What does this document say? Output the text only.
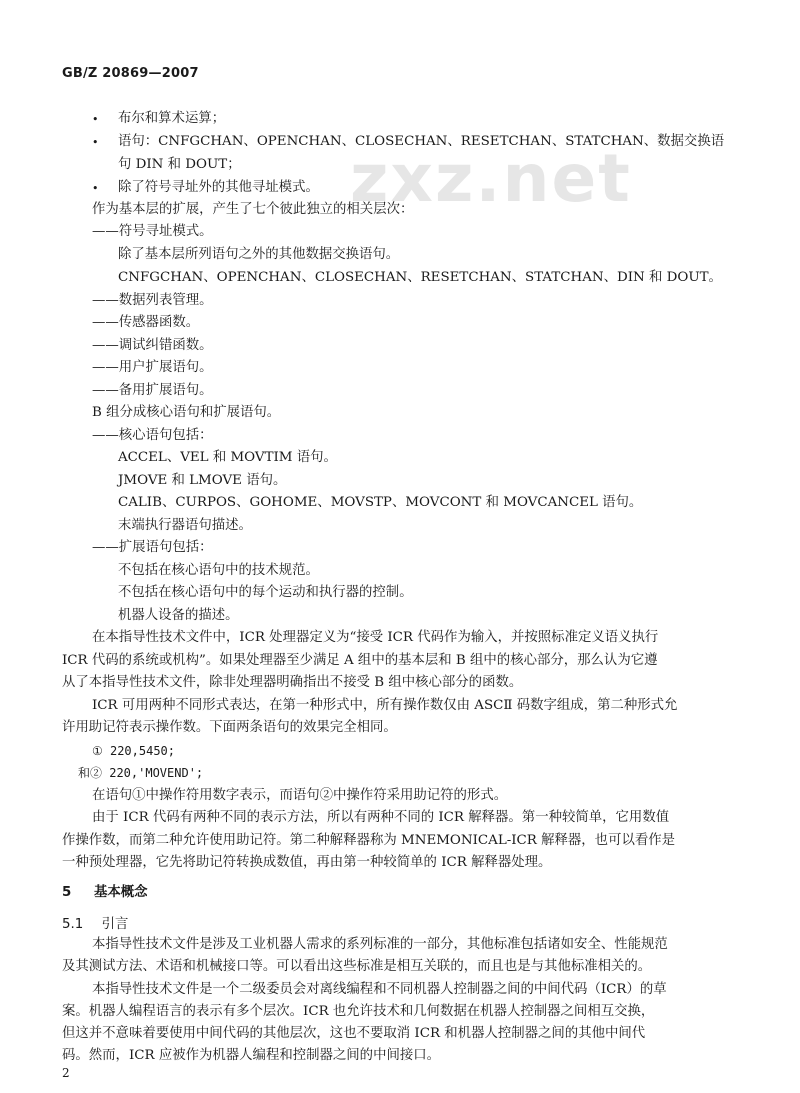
GB/Z 20869—2007
zxz.net
• 布尔和算术运算；
• 语句：CNFGCHAN、OPENCHAN、CLOSECHAN、RESETCHAN、STATCHAN、数据交换语
句 DIN 和 DOUT；
• 除了符号寻址外的其他寻址模式。
作为基本层的扩展，产生了七个彼此独立的相关层次：
——符号寻址模式。
除了基本层所列语句之外的其他数据交换语句。
CNFGCHAN、OPENCHAN、CLOSECHAN、RESETCHAN、STATCHAN、DIN 和 DOUT。
——数据列表管理。
——传感器函数。
——调试纠错函数。
——用户扩展语句。
——备用扩展语句。
B 组分成核心语句和扩展语句。
——核心语句包括：
ACCEL、VEL 和 MOVTIM 语句。
JMOVE 和 LMOVE 语句。
CALIB、CURPOS、GOHOME、MOVSTP、MOVCONT 和 MOVCANCEL 语句。
末端执行器语句描述。
——扩展语句包括：
不包括在核心语句中的技术规范。
不包括在核心语句中的每个运动和执行器的控制。
机器人设备的描述。
在本指导性技术文件中，ICR 处理器定义为“接受 ICR 代码作为输入，并按照标准定义语义执行
ICR 代码的系统或机构”。如果处理器至少满足 A 组中的基本层和 B 组中的核心部分，那么认为它遵
从了本指导性技术文件，除非处理器明确指出不接受 B 组中核心部分的函数。
ICR 可用两种不同形式表达，在第一种形式中，所有操作数仅由 ASCⅡ 码数字组成，第二种形式允
许用助记符表示操作数。下面两条语句的效果完全相同。
① 220,5450;
和② 220,'MOVEND';
在语句①中操作符用数字表示，而语句②中操作符采用助记符的形式。
由于 ICR 代码有两种不同的表示方法，所以有两种不同的 ICR 解释器。第一种较简单，它用数值
作操作数，而第二种允许使用助记符。第二种解释器称为 MNEMONICAL-ICR 解释器，也可以看作是
一种预处理器，它先将助记符转换成数值，再由第一种较简单的 ICR 解释器处理。
5 基本概念
5.1 引言
本指导性技术文件是涉及工业机器人需求的系列标准的一部分，其他标准包括诸如安全、性能规范
及其测试方法、术语和机械接口等。可以看出这些标准是相互关联的，而且也是与其他标准相关的。
本指导性技术文件是一个二级委员会对离线编程和不同机器人控制器之间的中间代码（ICR）的草
案。机器人编程语言的表示有多个层次。ICR 也允许技术和几何数据在机器人控制器之间相互交换，
但这并不意味着要使用中间代码的其他层次，这也不要取消 ICR 和机器人控制器之间的其他中间代
码。然而，ICR 应被作为机器人编程和控制器之间的中间接口。
2
